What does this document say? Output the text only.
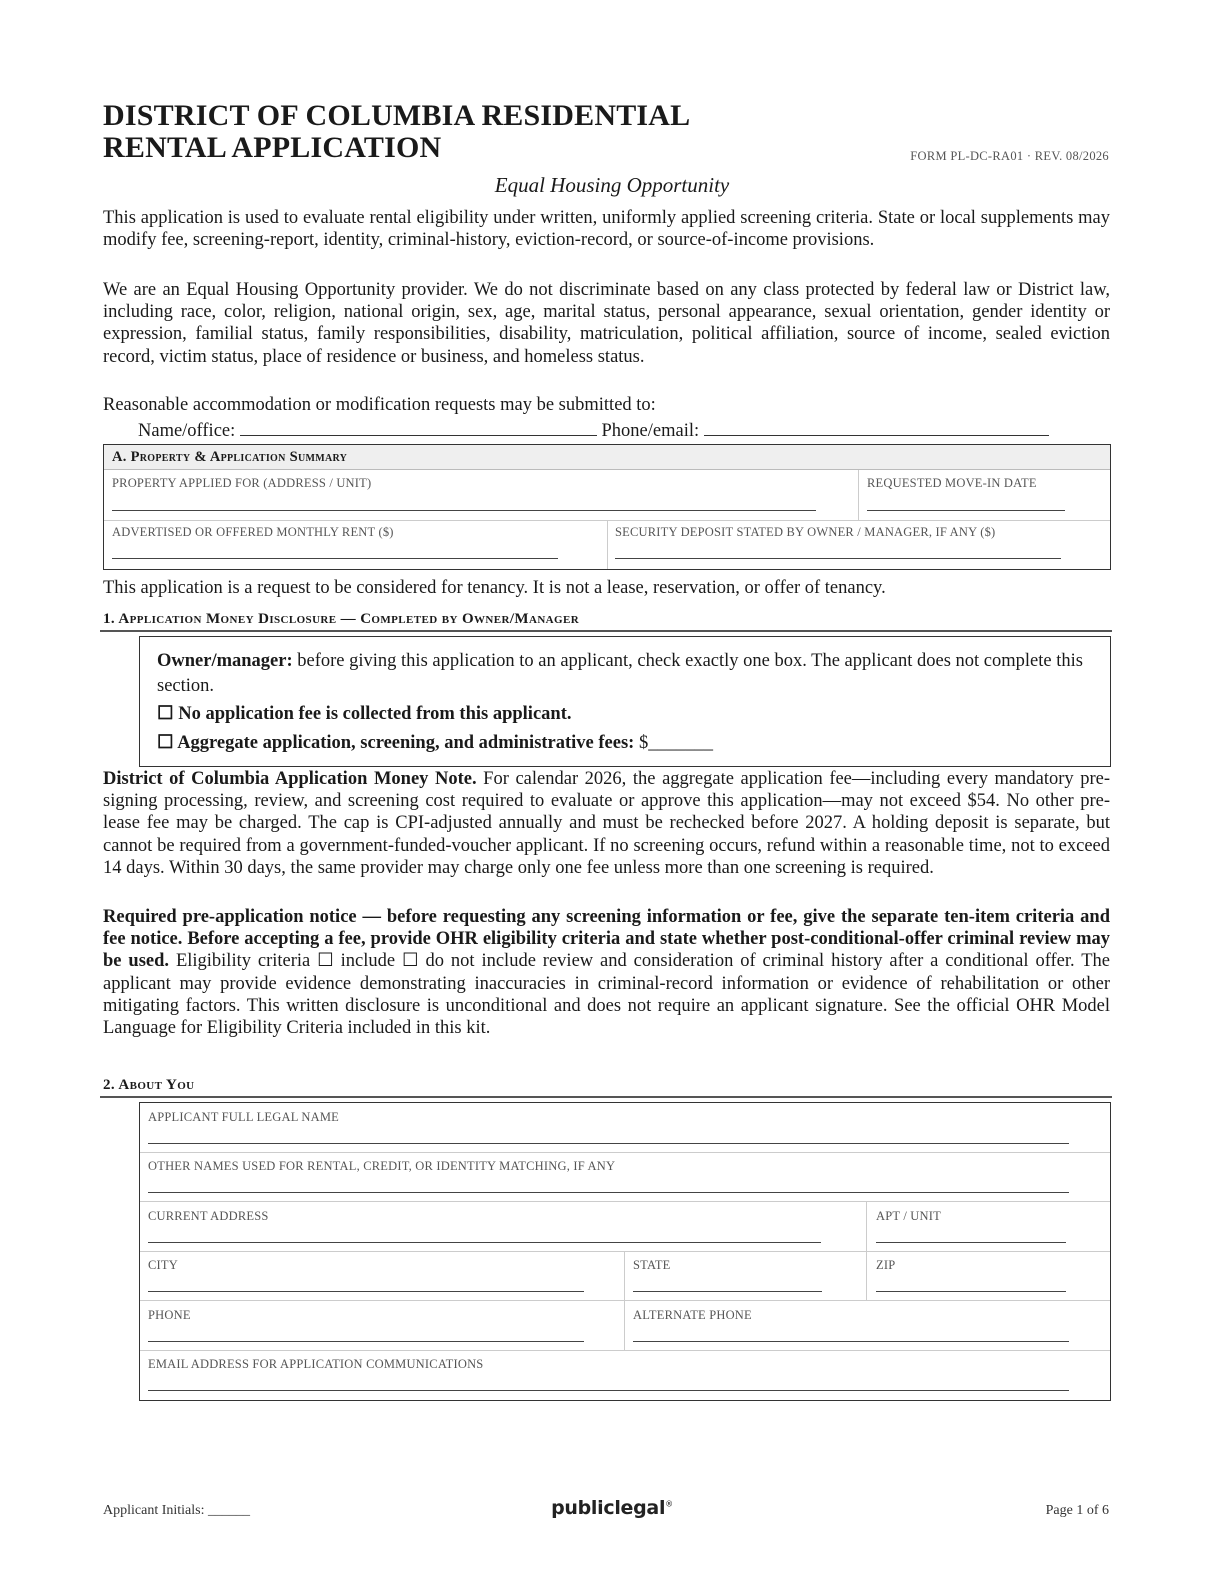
DISTRICT OF COLUMBIA RESIDENTIAL
RENTAL APPLICATION	FORM PL-DC-RA01 · REV. 08/2026
Equal Housing Opportunity

This application is used to evaluate rental eligibility under written, uniformly applied screening criteria. State or local supplements may modify fee, screening-report, identity, criminal-history, eviction-record, or source-of-income provisions.

We are an Equal Housing Opportunity provider. We do not discriminate based on any class protected by federal law or District law, including race, color, religion, national origin, sex, age, marital status, personal appearance, sexual orientation, gender identity or expression, familial status, family responsibilities, disability, matriculation, political affiliation, source of income, sealed eviction record, victim status, place of residence or business, and homeless status.

Reasonable accommodation or modification requests may be submitted to:

Name/office:	Phone/email:
A. Property & Application Summary
PROPERTY APPLIED FOR (ADDRESS / UNIT)	REQUESTED MOVE-IN DATE
ADVERTISED OR OFFERED MONTHLY RENT ($)	SECURITY DEPOSIT STATED BY OWNER / MANAGER, IF ANY ($)

This application is a request to be considered for tenancy. It is not a lease, reservation, or offer of tenancy.

1. Application Money Disclosure — Completed by Owner/Manager
Owner/manager: before giving this application to an applicant, check exactly one box. The applicant does not complete this section.
☐ No application fee is collected from this applicant.
☐ Aggregate application, screening, and administrative fees: $_______

District of Columbia Application Money Note. For calendar 2026, the aggregate application fee—including every mandatory pre-signing processing, review, and screening cost required to evaluate or approve this application—may not exceed $54. No other pre-lease fee may be charged. The cap is CPI-adjusted annually and must be rechecked before 2027. A holding deposit is separate, but cannot be required from a government-funded-voucher applicant. If no screening occurs, refund within a reasonable time, not to exceed 14 days. Within 30 days, the same provider may charge only one fee unless more than one screening is required.

Required pre-application notice — before requesting any screening information or fee, give the separate ten-item criteria and fee notice. Before accepting a fee, provide OHR eligibility criteria and state whether post-conditional-offer criminal review may be used. Eligibility criteria ☐ include ☐ do not include review and consideration of criminal history after a conditional offer. The applicant may provide evidence demonstrating inaccuracies in criminal-record information or evidence of rehabilitation or other mitigating factors. This written disclosure is unconditional and does not require an applicant signature. See the official OHR Model Language for Eligibility Criteria included in this kit.

2. About You
APPLICANT FULL LEGAL NAME
OTHER NAMES USED FOR RENTAL, CREDIT, OR IDENTITY MATCHING, IF ANY
CURRENT ADDRESS	APT / UNIT
CITY	STATE	ZIP
PHONE	ALTERNATE PHONE
EMAIL ADDRESS FOR APPLICATION COMMUNICATIONS
Applicant Initials: ______	publiclegal®	Page 1 of 6
